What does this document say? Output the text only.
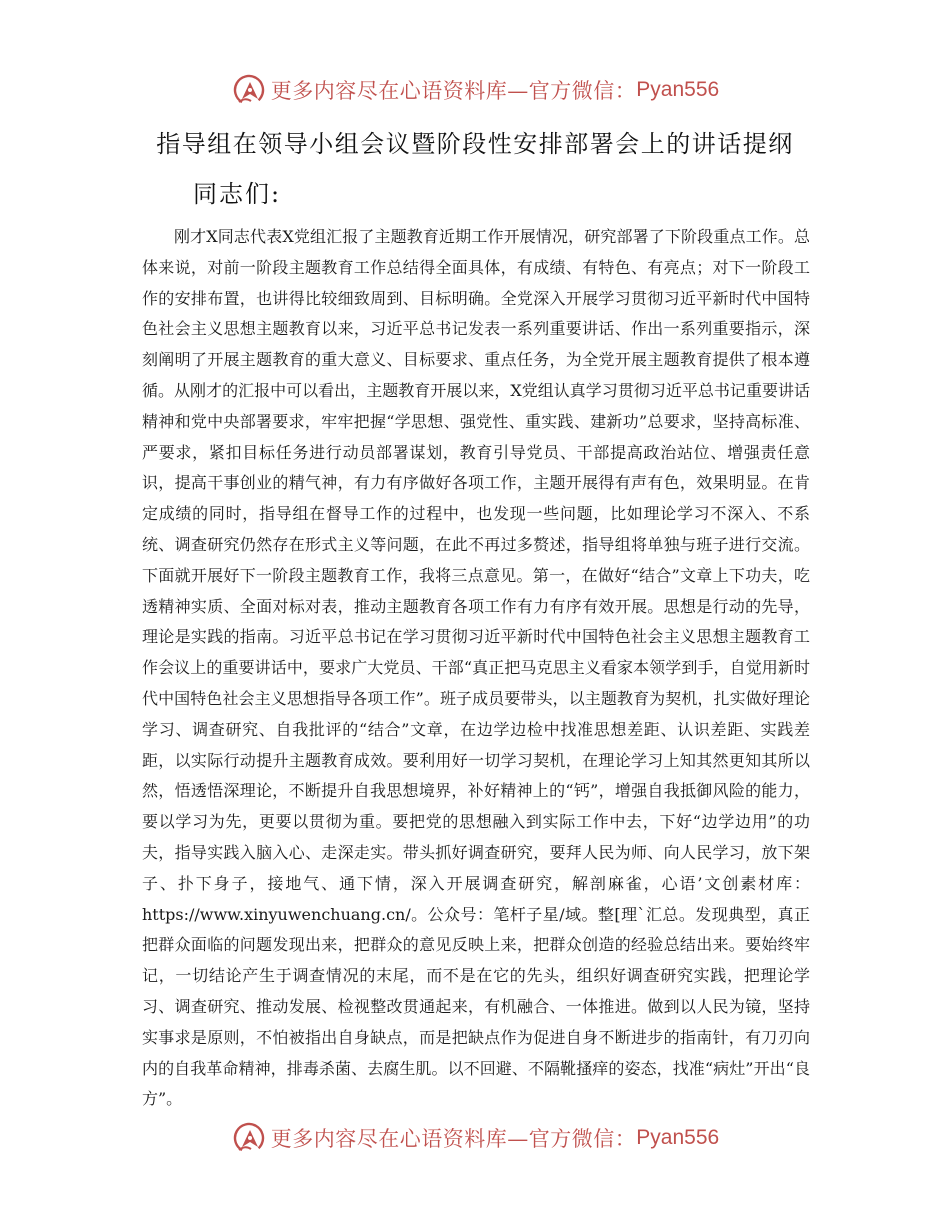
更多内容尽在心语资料库—官方微信： Pyan556
指导组在领导小组会议暨阶段性安排部署会上的讲话提纲
同志们:

刚才X同志代表X党组汇报了主题教育近期工作开展情况，研究部署了下阶段重点工作。总体来说，对前一阶段主题教育工作总结得全面具体，有成绩、有特色、有亮点；对下一阶段工作的安排布置，也讲得比较细致周到、目标明确。全党深入开展学习贯彻习近平新时代中国特色社会主义思想主题教育以来，习近平总书记发表一系列重要讲话、作出一系列重要指示，深刻阐明了开展主题教育的重大意义、目标要求、重点任务，为全党开展主题教育提供了根本遵循。从刚才的汇报中可以看出，主题教育开展以来，X党组认真学习贯彻习近平总书记重要讲话精神和党中央部署要求，牢牢把握“学思想、强党性、重实践、建新功”总要求，坚持高标准、严要求，紧扣目标任务进行动员部署谋划，教育引导党员、干部提高政治站位、增强责任意识，提高干事创业的精气神，有力有序做好各项工作，主题开展得有声有色，效果明显。在肯定成绩的同时，指导组在督导工作的过程中，也发现一些问题，比如理论学习不深入、不系统、调查研究仍然存在形式主义等问题，在此不再过多赘述，指导组将单独与班子进行交流。下面就开展好下一阶段主题教育工作，我将三点意见。第一，在做好“结合”文章上下功夫，吃透精神实质、全面对标对表，推动主题教育各项工作有力有序有效开展。思想是行动的先导，理论是实践的指南。习近平总书记在学习贯彻习近平新时代中国特色社会主义思想主题教育工作会议上的重要讲话中，要求广大党员、干部“真正把马克思主义看家本领学到手，自觉用新时代中国特色社会主义思想指导各项工作”。班子成员要带头，以主题教育为契机，扎实做好理论学习、调查研究、自我批评的“结合”文章，在边学边检中找准思想差距、认识差距、实践差距，以实际行动提升主题教育成效。要利用好一切学习契机，在理论学习上知其然更知其所以然，悟透悟深理论，不断提升自我思想境界，补好精神上的“钙”，增强自我抵御风险的能力，要以学习为先，更要以贯彻为重。要把党的思想融入到实际工作中去，下好“边学边用”的功夫，指导实践入脑入心、走深走实。带头抓好调查研究，要拜人民为师、向人民学习，放下架子、扑下身子，接地气、通下情，深入开展调查研究，解剖麻雀，心语’文创素材库：https://www.xinyuwenchuang.cn/。公众号：笔杆子星/域。整[理`汇总。发现典型，真正把群众面临的问题发现出来，把群众的意见反映上来，把群众创造的经验总结出来。要始终牢记，一切结论产生于调查情况的末尾，而不是在它的先头，组织好调查研究实践，把理论学习、调查研究、推动发展、检视整改贯通起来，有机融合、一体推进。做到以人民为镜，坚持实事求是原则，不怕被指出自身缺点，而是把缺点作为促进自身不断进步的指南针，有刀刃向内的自我革命精神，排毒杀菌、去腐生肌。以不回避、不隔靴搔痒的姿态，找准“病灶”开出“良方”。

更多内容尽在心语资料库—官方微信： Pyan556
